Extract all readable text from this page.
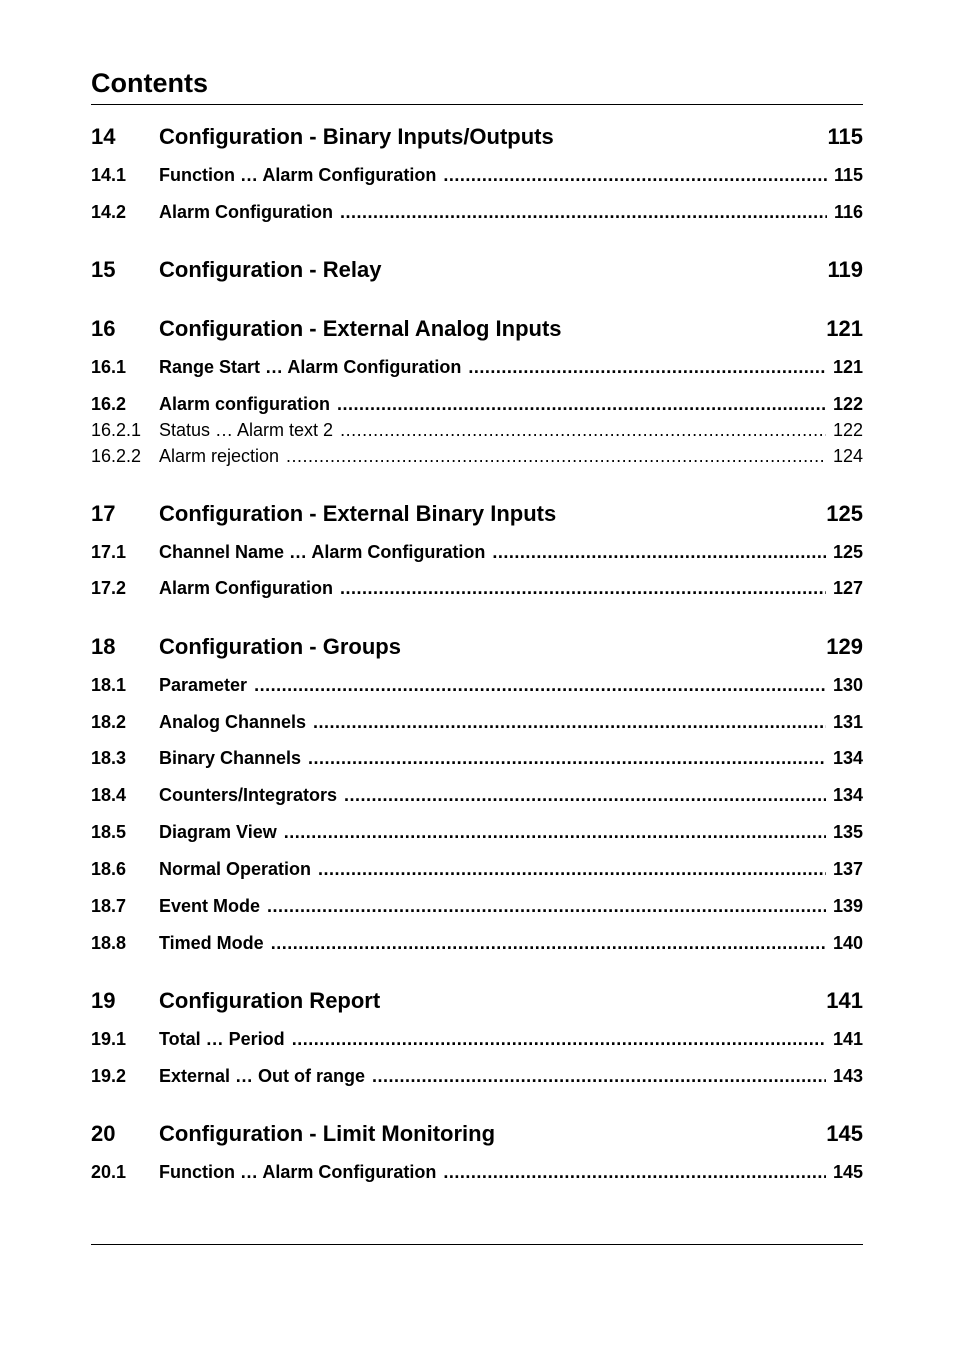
Contents
14	Configuration - Binary Inputs/Outputs	115
14.1	Function … Alarm Configuration .....	115
14.2	Alarm Configuration .....	116
15	Configuration - Relay	119
16	Configuration - External Analog Inputs	121
16.1	Range Start … Alarm Configuration .....	121
16.2	Alarm configuration .....	122
16.2.1 Status … Alarm text 2 .....	122
16.2.2 Alarm rejection .....	124
17	Configuration - External Binary Inputs	125
17.1	Channel Name … Alarm Configuration .....	125
17.2	Alarm Configuration .....	127
18	Configuration - Groups	129
18.1	Parameter .....	130
18.2	Analog Channels .....	131
18.3	Binary Channels .....	134
18.4	Counters/Integrators .....	134
18.5	Diagram View .....	135
18.6	Normal Operation .....	137
18.7	Event Mode .....	139
18.8	Timed Mode .....	140
19	Configuration Report	141
19.1	Total … Period .....	141
19.2	External … Out of range .....	143
20	Configuration - Limit Monitoring	145
20.1	Function … Alarm Configuration .....	145
